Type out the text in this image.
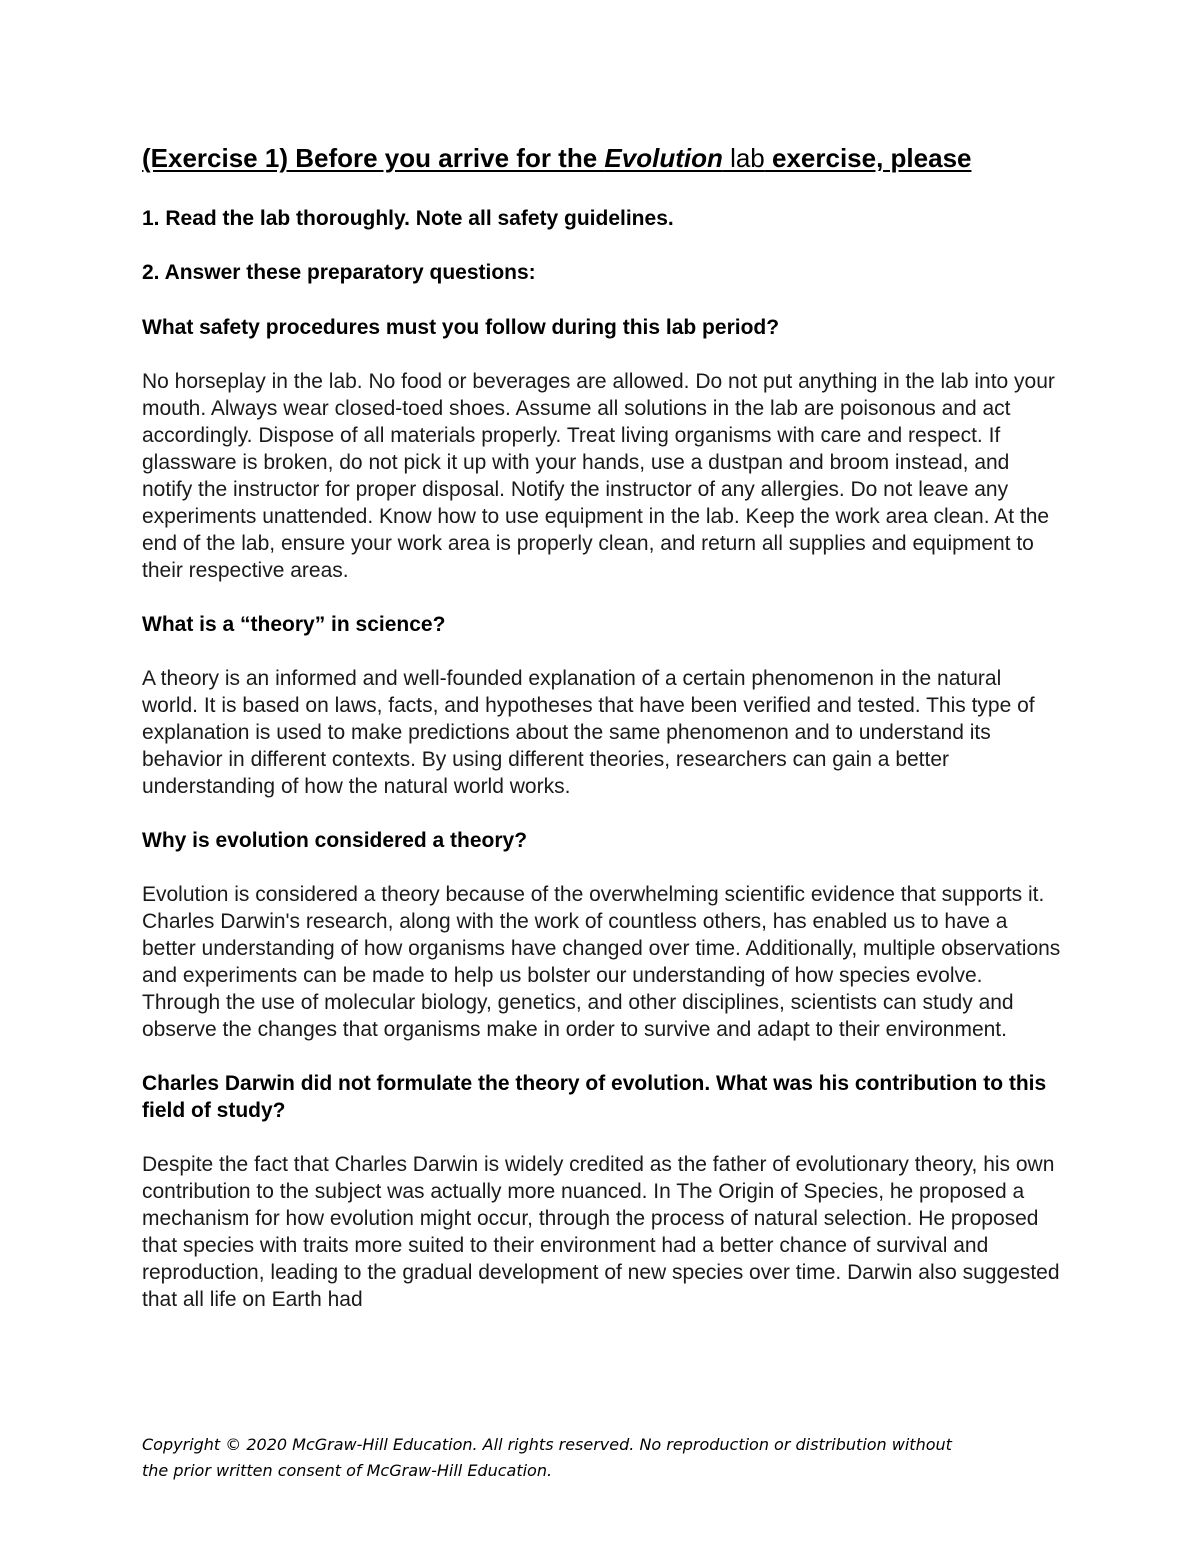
(Exercise 1) Before you arrive for the Evolution lab exercise, please

1. Read the lab thoroughly. Note all safety guidelines.

2. Answer these preparatory questions:

What safety procedures must you follow during this lab period?

No horseplay in the lab. No food or beverages are allowed. Do not put anything in the lab into your mouth. Always wear closed-toed shoes. Assume all solutions in the lab are poisonous and act accordingly. Dispose of all materials properly. Treat living organisms with care and respect. If glassware is broken, do not pick it up with your hands, use a dustpan and broom instead, and notify the instructor for proper disposal. Notify the instructor of any allergies. Do not leave any experiments unattended. Know how to use equipment in the lab. Keep the work area clean. At the end of the lab, ensure your work area is properly clean, and return all supplies and equipment to their respective areas.

What is a “theory” in science?

A theory is an informed and well-founded explanation of a certain phenomenon in the natural world. It is based on laws, facts, and hypotheses that have been verified and tested. This type of explanation is used to make predictions about the same phenomenon and to understand its behavior in different contexts. By using different theories, researchers can gain a better understanding of how the natural world works.

Why is evolution considered a theory?

Evolution is considered a theory because of the overwhelming scientific evidence that supports it. Charles Darwin's research, along with the work of countless others, has enabled us to have a better understanding of how organisms have changed over time. Additionally, multiple observations and experiments can be made to help us bolster our understanding of how species evolve. Through the use of molecular biology, genetics, and other disciplines, scientists can study and observe the changes that organisms make in order to survive and adapt to their environment.

Charles Darwin did not formulate the theory of evolution. What was his contribution to this field of study?

Despite the fact that Charles Darwin is widely credited as the father of evolutionary theory, his own contribution to the subject was actually more nuanced. In The Origin of Species, he proposed a mechanism for how evolution might occur, through the process of natural selection. He proposed that species with traits more suited to their environment had a better chance of survival and reproduction, leading to the gradual development of new species over time. Darwin also suggested that all life on Earth had

Copyright © 2020 McGraw-Hill Education. All rights reserved. No reproduction or distribution without
the prior written consent of McGraw-Hill Education.
